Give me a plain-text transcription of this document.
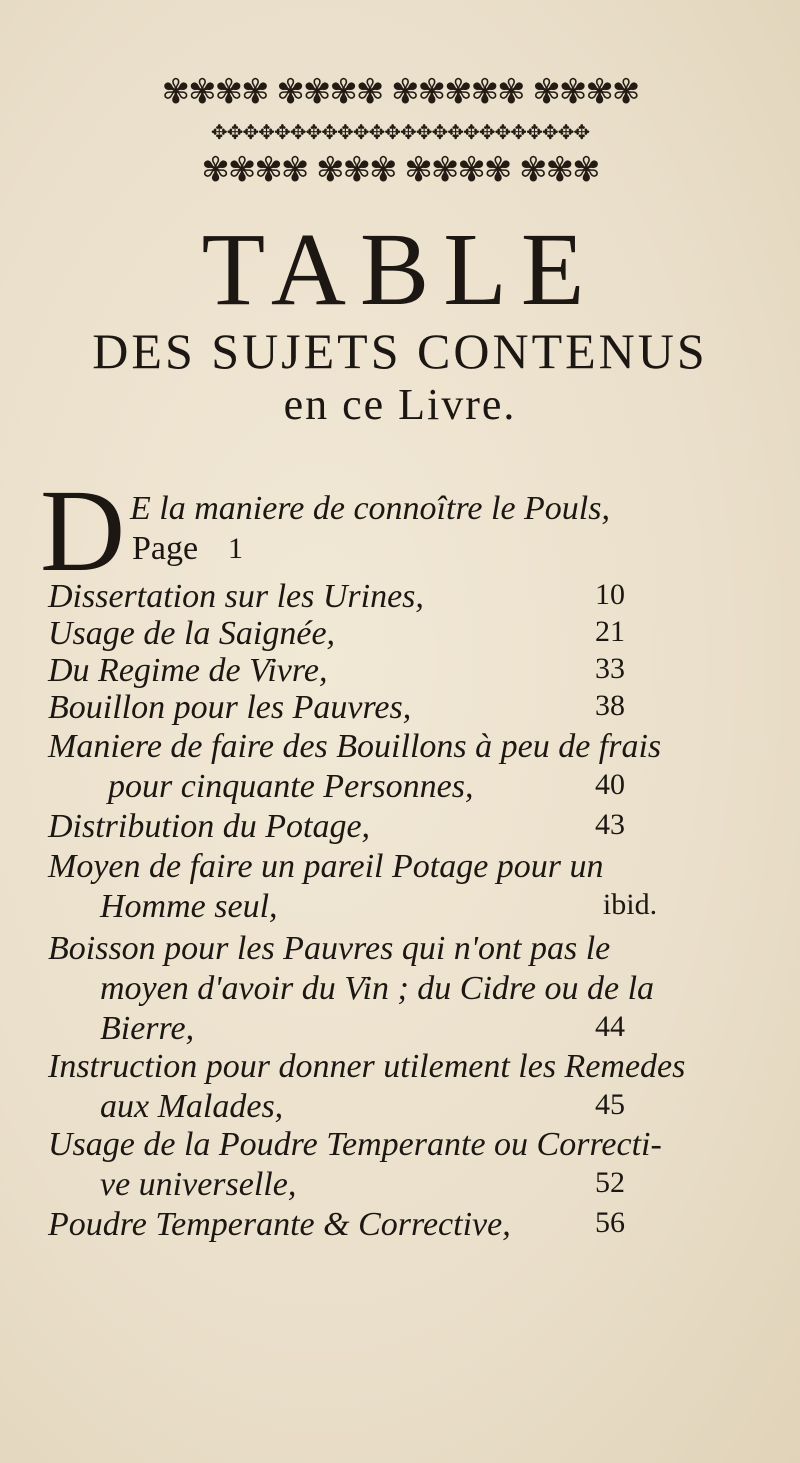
✾✾✾✾ ✾✾✾✾ ✾✾✾✾✾ ✾✾✾✾
✥✥✥✥✥✥✥✥✥✥✥✥✥✥✥✥✥✥✥✥✥✥✥✥
✾✾✾✾ ✾✾✾ ✾✾✾✾ ✾✾✾
TABLE
DES SUJETS CONTENUS
en ce Livre.
D E la maniere de connoître le Pouls,
Page 1
Dissertation sur les Urines,	10
Usage de la Saignée,	21
Du Regime de Vivre,	33
Bouillon pour les Pauvres,	38
Maniere de faire des Bouillons à peu de frais
pour cinquante Personnes,	40
Distribution du Potage,	43
Moyen de faire un pareil Potage pour un
Homme seul,	ibid.
Boisson pour les Pauvres qui n'ont pas le
moyen d'avoir du Vin ; du Cidre ou de la
Bierre,	44
Instruction pour donner utilement les Remedes
aux Malades,	45
Usage de la Poudre Temperante ou Correcti-
ve universelle,	52
Poudre Temperante & Corrective,	56
